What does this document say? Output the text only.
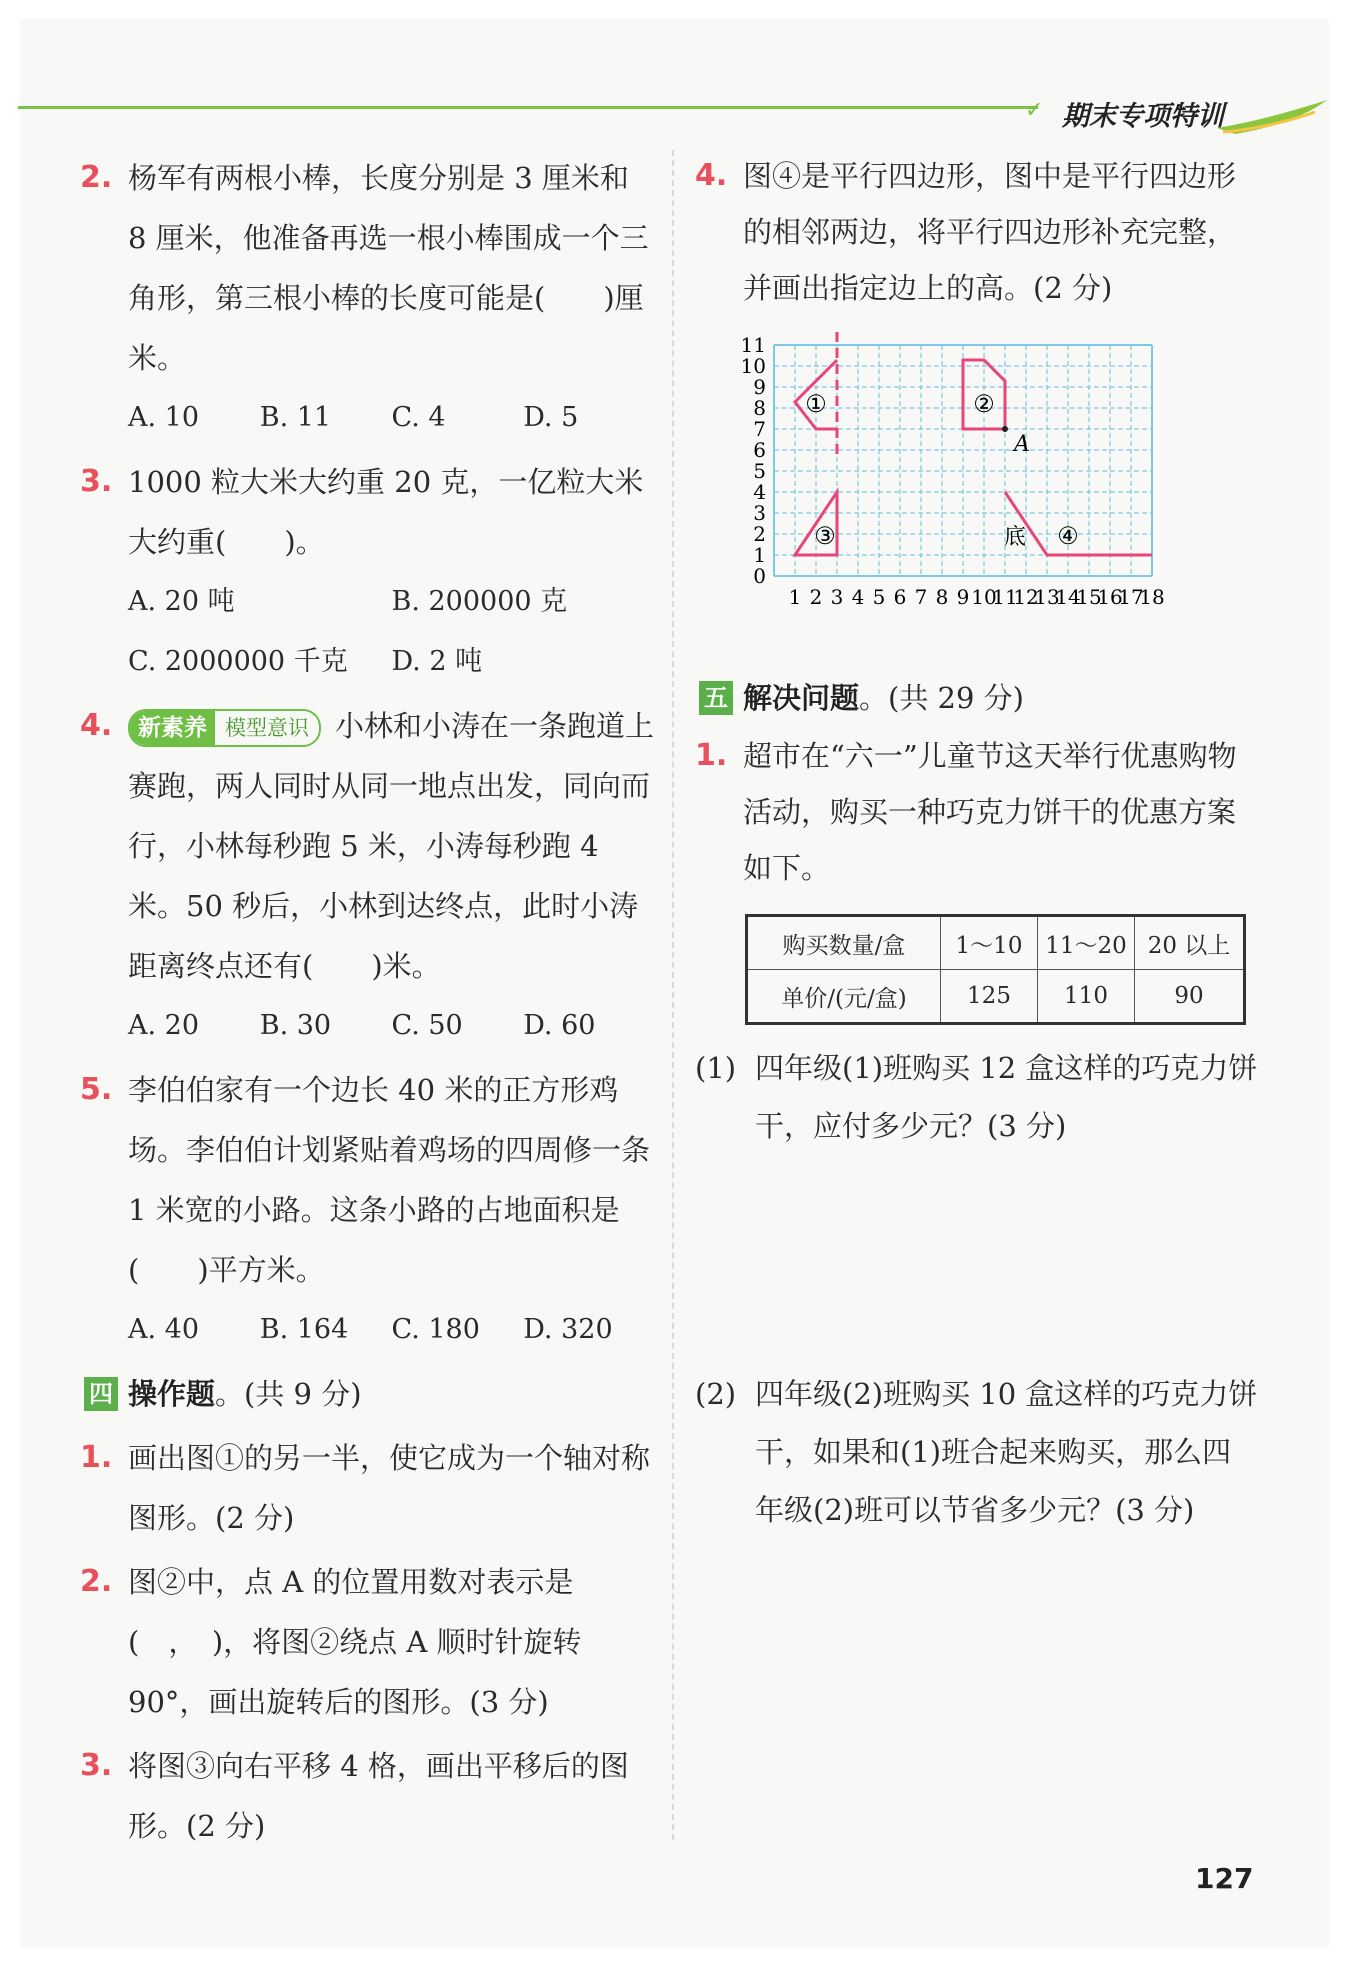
✓ 期末专项特训
2. 杨军有两根小棒，长度分别是 3 厘米和 8 厘米，他准备再选一根小棒围成一个三角形，第三根小棒的长度可能是(　　)厘米。
A. 10	B. 11	C. 4	D. 5
3. 1000 粒大米大约重 20 克，一亿粒大米大约重(　　)。
A. 20 吨	B. 200000 克
C. 2000000 千克	D. 2 吨
4.	新素养 模型意识 小林和小涛在一条跑道上赛跑，两人同时从同一地点出发，同向而行，小林每秒跑 5 米，小涛每秒跑 4 米。50 秒后，小林到达终点，此时小涛距离终点还有(　　)米。
A. 20	B. 30	C. 50	D. 60
5. 李伯伯家有一个边长 40 米的正方形鸡场。李伯伯计划紧贴着鸡场的四周修一条 1 米宽的小路。这条小路的占地面积是(　　)平方米。
A. 40	B. 164	C. 180	D. 320
四 操作题。(共 9 分)
1. 画出图①的另一半，使它成为一个轴对称图形。(2 分)
2. 图②中，点 A 的位置用数对表示是(　，　)，将图②绕点 A 顺时针旋转 90°，画出旋转后的图形。(3 分)
3. 将图③向右平移 4 格，画出平移后的图形。(2 分)
4. 图④是平行四边形，图中是平行四边形的相邻两边，将平行四边形补充完整，并画出指定边上的高。(2 分)
1 2 3 4 5 6 7 8 9 10
11
12
13
14
15
16
17
18
0
1
2
3
4
5
6
7
8
9
10
11
①
A
②
③	底 ④
五 解决问题。(共 29 分)
1. 超市在“六一”儿童节这天举行优惠购物活动，购买一种巧克力饼干的优惠方案如下。
购买数量/盒	1～10	11～20	20 以上
单价/(元/盒)	125	110	90
(1) 四年级(1)班购买 12 盒这样的巧克力饼干，应付多少元？(3 分)
(2) 四年级(2)班购买 10 盒这样的巧克力饼干，如果和(1)班合起来购买，那么四年级(2)班可以节省多少元？(3 分)
127
